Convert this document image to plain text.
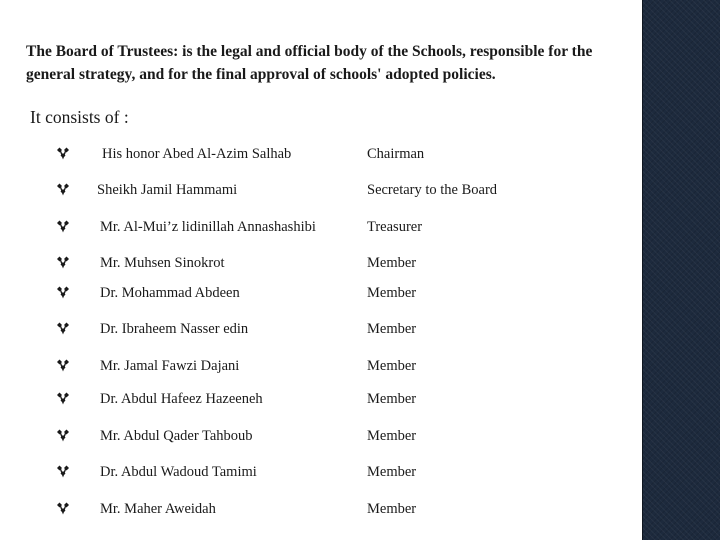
The Board of Trustees: is the legal and official body of the Schools, responsible for the general strategy, and for the final approval of schools' adopted policies.

It consists of :

His honor Abed Al-Azim Salhab	Chairman
Sheikh Jamil Hammami	Secretary to the Board
Mr. Al-Mui’z lidinillah Annashashibi	Treasurer
Mr. Muhsen Sinokrot	Member
Dr. Mohammad Abdeen	Member
Dr. Ibraheem Nasser edin	Member
Mr. Jamal Fawzi Dajani	Member
Dr. Abdul Hafeez Hazeeneh	Member
Mr. Abdul Qader Tahboub	Member
Dr. Abdul Wadoud Tamimi	Member
Mr. Maher Aweidah	Member
